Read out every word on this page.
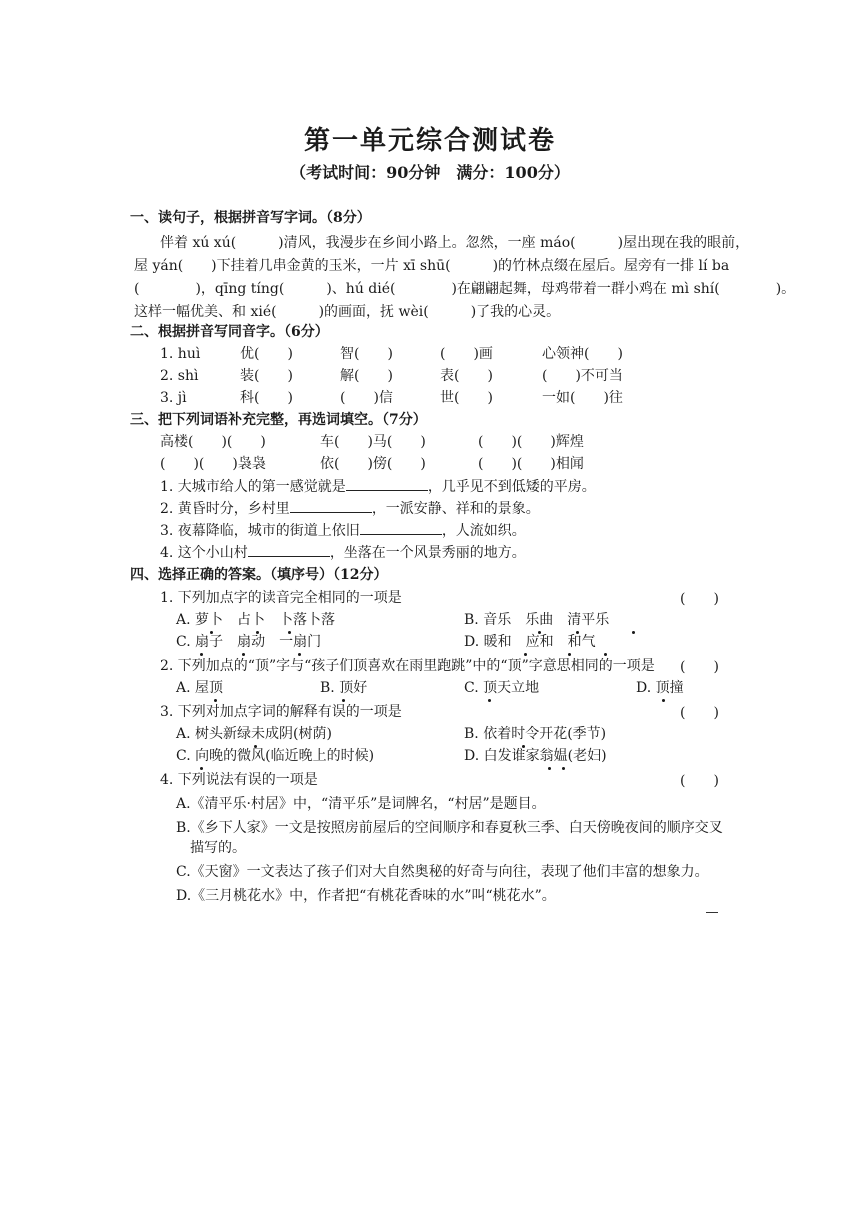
第一单元综合测试卷
（考试时间：90分钟　满分：100分）
一、读句子，根据拼音写字词。（8分）
伴着 xú xú(　　　)清风，我漫步在乡间小路上。忽然，一座 máo(　　　)屋出现在我的眼前，
屋 yán(　　)下挂着几串金黄的玉米，一片 xī shū(　　　)的竹林点缀在屋后。屋旁有一排 lí ba
(　　　　)，qīng tíng(　　　)、hú dié(　　　　)在翩翩起舞，母鸡带着一群小鸡在 mì shí(　　　　)。
这样一幅优美、和 xié(　　　)的画面，抚 wèi(　　　)了我的心灵。
二、根据拼音写同音字。（6分）
1. huì	优(　　)	智(　　)	(　　)画	心领神(　　)
2. shì	装(　　)	解(　　)	表(　　)	(　　)不可当
3. jì	科(　　)	(　　)信	世(　　)	一如(　　)往
三、把下列词语补充完整，再选词填空。（7分）
高楼(　　)(　　)	车(　　)马(　　)	(　　)(　　)辉煌
(　　)(　　)袅袅	依(　　)傍(　　)	(　　)(　　)相闻
1. 大城市给人的第一感觉就是	，几乎见不到低矮的平房。
2. 黄昏时分，乡村里	，一派安静、祥和的景象。
3. 夜幕降临，城市的街道上依旧	，人流如织。
4. 这个小山村	，坐落在一个风景秀丽的地方。
四、选择正确的答案。（填序号）（12分）
1. 下列加点字的读音完全相同的一项是	(　　)
A. 萝卜　占卜　卜落卜落	B. 音乐　乐曲　清平乐
C. 扇子　扇动　一扇门	D. 暖和　应和　和气
2. 下列加点的“顶”字与“孩子们顶喜欢在雨里跑跳”中的“顶”字意思相同的一项是 (　　)
A. 屋顶	B. 顶好	C. 顶天立地	D. 顶撞
3. 下列对加点字词的解释有误的一项是	(　　)
A. 树头新绿未成阴(树荫)	B. 依着时令开花(季节)
C. 向晚的微风(临近晚上的时候)	D. 白发谁家翁媪(老妇)
4. 下列说法有误的一项是	(　　)
A.《清平乐·村居》中，“清平乐”是词牌名，“村居”是题目。
B.《乡下人家》一文是按照房前屋后的空间顺序和春夏秋三季、白天傍晚夜间的顺序交叉
描写的。
C.《天窗》一文表达了孩子们对大自然奥秘的好奇与向往，表现了他们丰富的想象力。
D.《三月桃花水》中，作者把“有桃花香味的水”叫“桃花水”。
